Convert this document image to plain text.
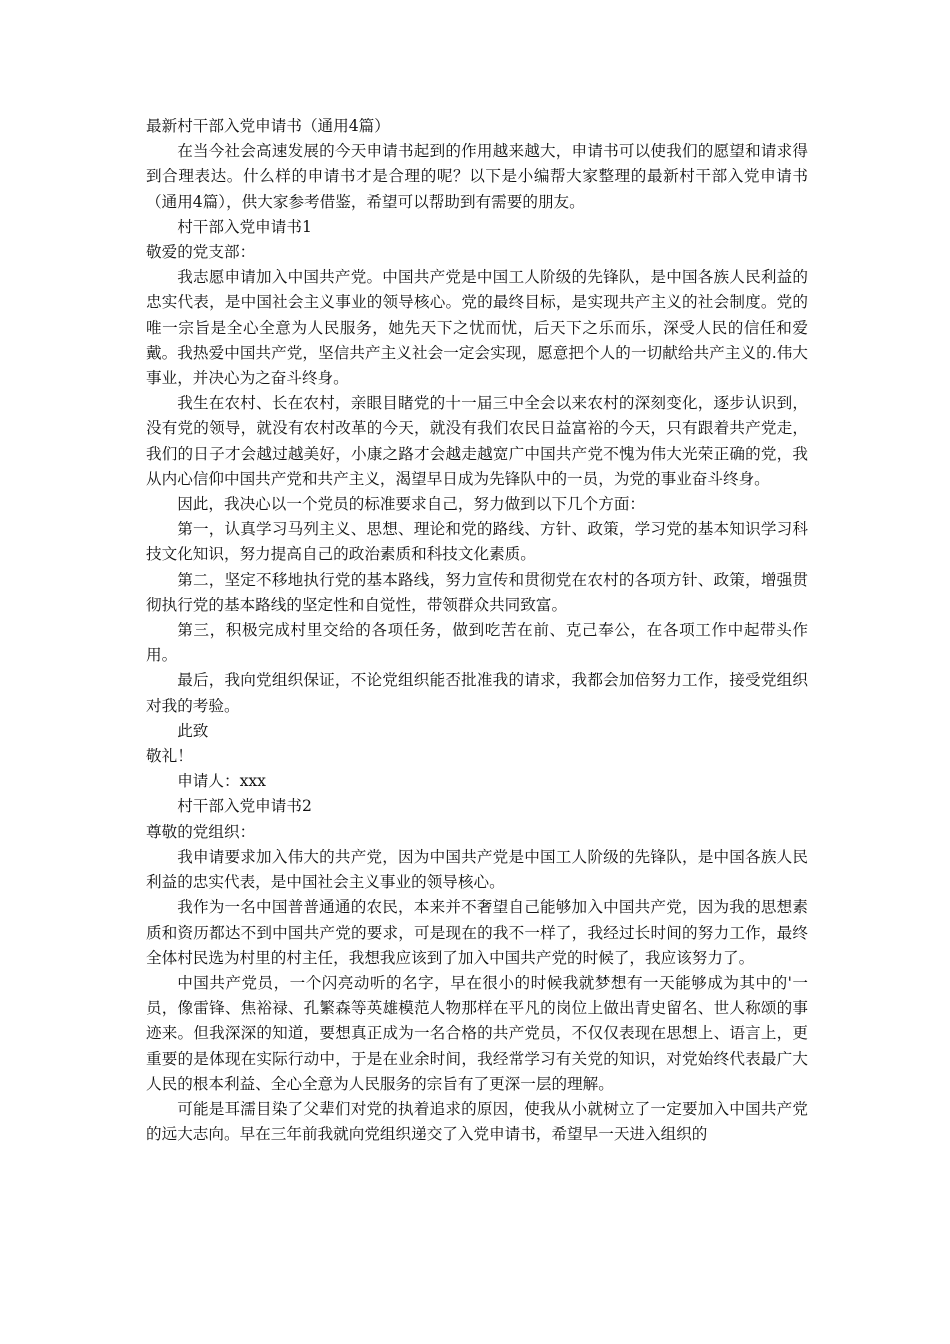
最新村干部入党申请书（通用4篇）

在当今社会高速发展的今天申请书起到的作用越来越大，申请书可以使我们的愿望和请求得到合理表达。什么样的申请书才是合理的呢？以下是小编帮大家整理的最新村干部入党申请书（通用4篇），供大家参考借鉴，希望可以帮助到有需要的朋友。

村干部入党申请书1

敬爱的党支部：

我志愿申请加入中国共产党。中国共产党是中国工人阶级的先锋队，是中国各族人民利益的忠实代表，是中国社会主义事业的领导核心。党的最终目标，是实现共产主义的社会制度。党的唯一宗旨是全心全意为人民服务，她先天下之忧而忧，后天下之乐而乐，深受人民的信任和爱戴。我热爱中国共产党，坚信共产主义社会一定会实现，愿意把个人的一切献给共产主义的.伟大事业，并决心为之奋斗终身。

我生在农村、长在农村，亲眼目睹党的十一届三中全会以来农村的深刻变化，逐步认识到，没有党的领导，就没有农村改革的今天，就没有我们农民日益富裕的今天，只有跟着共产党走，我们的日子才会越过越美好，小康之路才会越走越宽广中国共产党不愧为伟大光荣正确的党，我从内心信仰中国共产党和共产主义，渴望早日成为先锋队中的一员，为党的事业奋斗终身。

因此，我决心以一个党员的标准要求自己，努力做到以下几个方面：

第一，认真学习马列主义、思想、理论和党的路线、方针、政策，学习党的基本知识学习科技文化知识，努力提高自己的政治素质和科技文化素质。

第二，坚定不移地执行党的基本路线，努力宣传和贯彻党在农村的各项方针、政策，增强贯彻执行党的基本路线的坚定性和自觉性，带领群众共同致富。

第三，积极完成村里交给的各项任务，做到吃苦在前、克己奉公，在各项工作中起带头作用。

最后，我向党组织保证，不论党组织能否批准我的请求，我都会加倍努力工作，接受党组织对我的考验。

此致

敬礼！

申请人：xxx

村干部入党申请书2

尊敬的党组织：

我申请要求加入伟大的共产党，因为中国共产党是中国工人阶级的先锋队，是中国各族人民利益的忠实代表，是中国社会主义事业的领导核心。

我作为一名中国普普通通的农民，本来并不奢望自己能够加入中国共产党，因为我的思想素质和资历都达不到中国共产党的要求，可是现在的我不一样了，我经过长时间的努力工作，最终全体村民选为村里的村主任，我想我应该到了加入中国共产党的时候了，我应该努力了。

中国共产党员，一个闪亮动听的名字，早在很小的时候我就梦想有一天能够成为其中的'一员，像雷锋、焦裕禄、孔繁森等英雄模范人物那样在平凡的岗位上做出青史留名、世人称颂的事迹来。但我深深的知道，要想真正成为一名合格的共产党员，不仅仅表现在思想上、语言上，更重要的是体现在实际行动中，于是在业余时间，我经常学习有关党的知识，对党始终代表最广大人民的根本利益、全心全意为人民服务的宗旨有了更深一层的理解。

可能是耳濡目染了父辈们对党的执着追求的原因，使我从小就树立了一定要加入中国共产党的远大志向。早在三年前我就向党组织递交了入党申请书，希望早一天进入组织的
